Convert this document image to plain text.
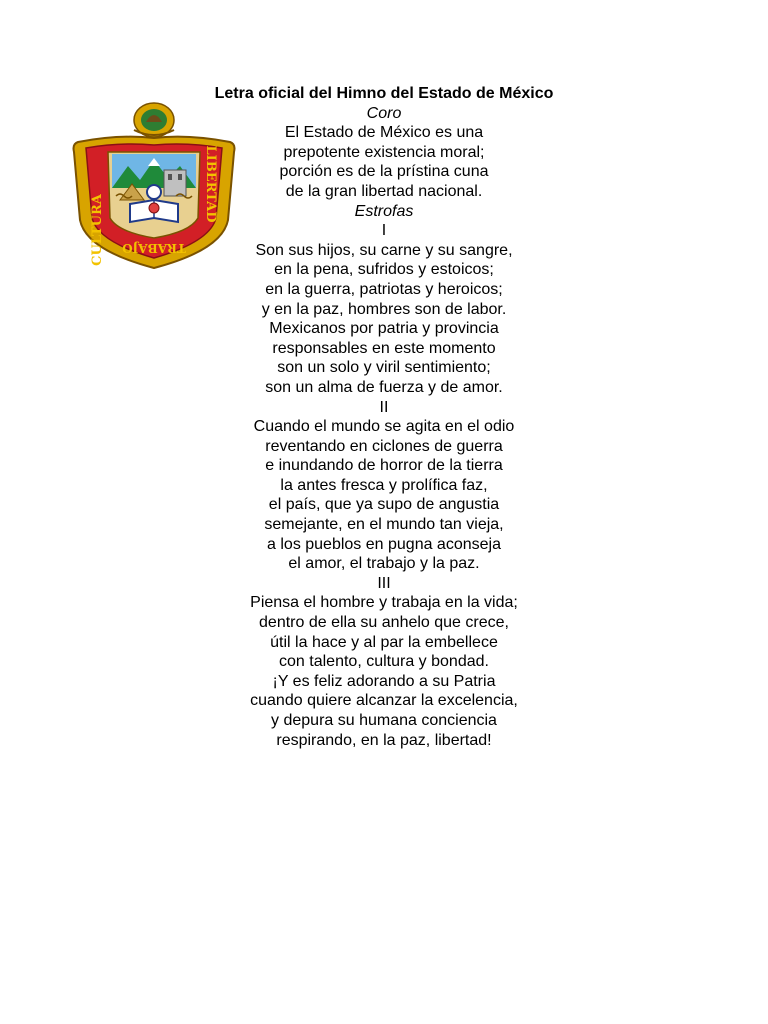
CULTURA
LIBERTAD
TRABAJO
Letra oficial del Himno del Estado de México
Coro
El Estado de México es una
prepotente existencia moral;
porción es de la prístina cuna
de la gran libertad nacional.
Estrofas
I
Son sus hijos, su carne y su sangre,
en la pena, sufridos y estoicos;
en la guerra, patriotas y heroicos;
y en la paz, hombres son de labor.
Mexicanos por patria y provincia
responsables en este momento
son un solo y viril sentimiento;
son un alma de fuerza y de amor.
II
Cuando el mundo se agita en el odio
reventando en ciclones de guerra
e inundando de horror de la tierra
la antes fresca y prolífica faz,
el país, que ya supo de angustia
semejante, en el mundo tan vieja,
a los pueblos en pugna aconseja
el amor, el trabajo y la paz.
III
Piensa el hombre y trabaja en la vida;
dentro de ella su anhelo que crece,
útil la hace y al par la embellece
con talento, cultura y bondad.
¡Y es feliz adorando a su Patria
cuando quiere alcanzar la excelencia,
y depura su humana conciencia
respirando, en la paz, libertad!
